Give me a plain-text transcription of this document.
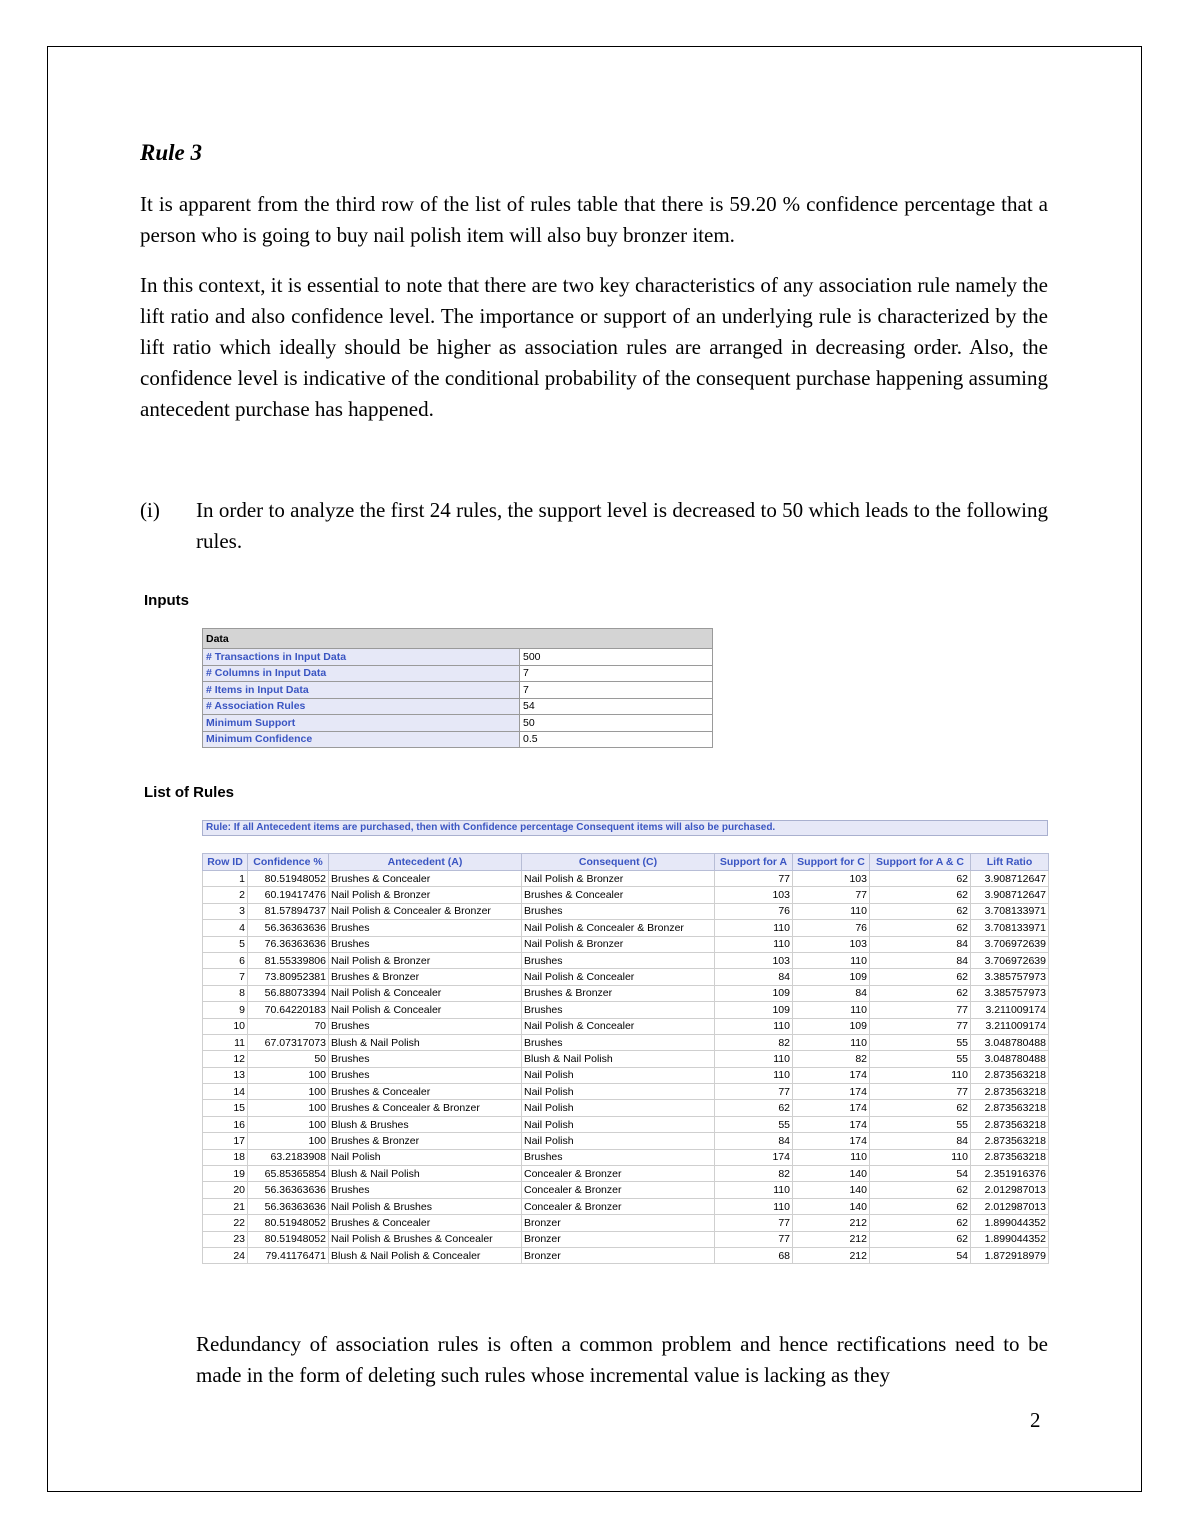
Rule 3

It is apparent from the third row of the list of rules table that there is 59.20 % confidence percentage that a person who is going to buy nail polish item will also buy bronzer item.

In this context, it is essential to note that there are two key characteristics of any association rule namely the lift ratio and also confidence level. The importance or support of an underlying rule is characterized by the lift ratio which ideally should be higher as association rules are arranged in decreasing order. Also, the confidence level is indicative of the conditional probability of the consequent purchase happening assuming antecedent purchase has happened.

(i) In order to analyze the first 24 rules, the support level is decreased to 50 which leads to the following rules.

Inputs
Data	
# Transactions in Input Data	500
# Columns in Input Data	7
# Items in Input Data	7
# Association Rules	54
Minimum Support	50
Minimum Confidence	0.5
List of Rules
Rule: If all Antecedent items are purchased, then with Confidence percentage Consequent items will also be purchased.
Row ID	Confidence %	Antecedent (A)	Consequent (C)	Support for A	Support for C	Support for A & C	Lift Ratio
1	80.51948052	Brushes & Concealer	Nail Polish & Bronzer	77	103	62	3.908712647
2	60.19417476	Nail Polish & Bronzer	Brushes & Concealer	103	77	62	3.908712647
3	81.57894737	Nail Polish & Concealer & Bronzer	Brushes	76	110	62	3.708133971
4	56.36363636	Brushes	Nail Polish & Concealer & Bronzer	110	76	62	3.708133971
5	76.36363636	Brushes	Nail Polish & Bronzer	110	103	84	3.706972639
6	81.55339806	Nail Polish & Bronzer	Brushes	103	110	84	3.706972639
7	73.80952381	Brushes & Bronzer	Nail Polish & Concealer	84	109	62	3.385757973
8	56.88073394	Nail Polish & Concealer	Brushes & Bronzer	109	84	62	3.385757973
9	70.64220183	Nail Polish & Concealer	Brushes	109	110	77	3.211009174
10	70	Brushes	Nail Polish & Concealer	110	109	77	3.211009174
11	67.07317073	Blush & Nail Polish	Brushes	82	110	55	3.048780488
12	50	Brushes	Blush & Nail Polish	110	82	55	3.048780488
13	100	Brushes	Nail Polish	110	174	110	2.873563218
14	100	Brushes & Concealer	Nail Polish	77	174	77	2.873563218
15	100	Brushes & Concealer & Bronzer	Nail Polish	62	174	62	2.873563218
16	100	Blush & Brushes	Nail Polish	55	174	55	2.873563218
17	100	Brushes & Bronzer	Nail Polish	84	174	84	2.873563218
18	63.2183908	Nail Polish	Brushes	174	110	110	2.873563218
19	65.85365854	Blush & Nail Polish	Concealer & Bronzer	82	140	54	2.351916376
20	56.36363636	Brushes	Concealer & Bronzer	110	140	62	2.012987013
21	56.36363636	Nail Polish & Brushes	Concealer & Bronzer	110	140	62	2.012987013
22	80.51948052	Brushes & Concealer	Bronzer	77	212	62	1.899044352
23	80.51948052	Nail Polish & Brushes & Concealer	Bronzer	77	212	62	1.899044352
24	79.41176471	Blush & Nail Polish & Concealer	Bronzer	68	212	54	1.872918979

Redundancy of association rules is often a common problem and hence rectifications need to be made in the form of deleting such rules whose incremental value is lacking as they

2
